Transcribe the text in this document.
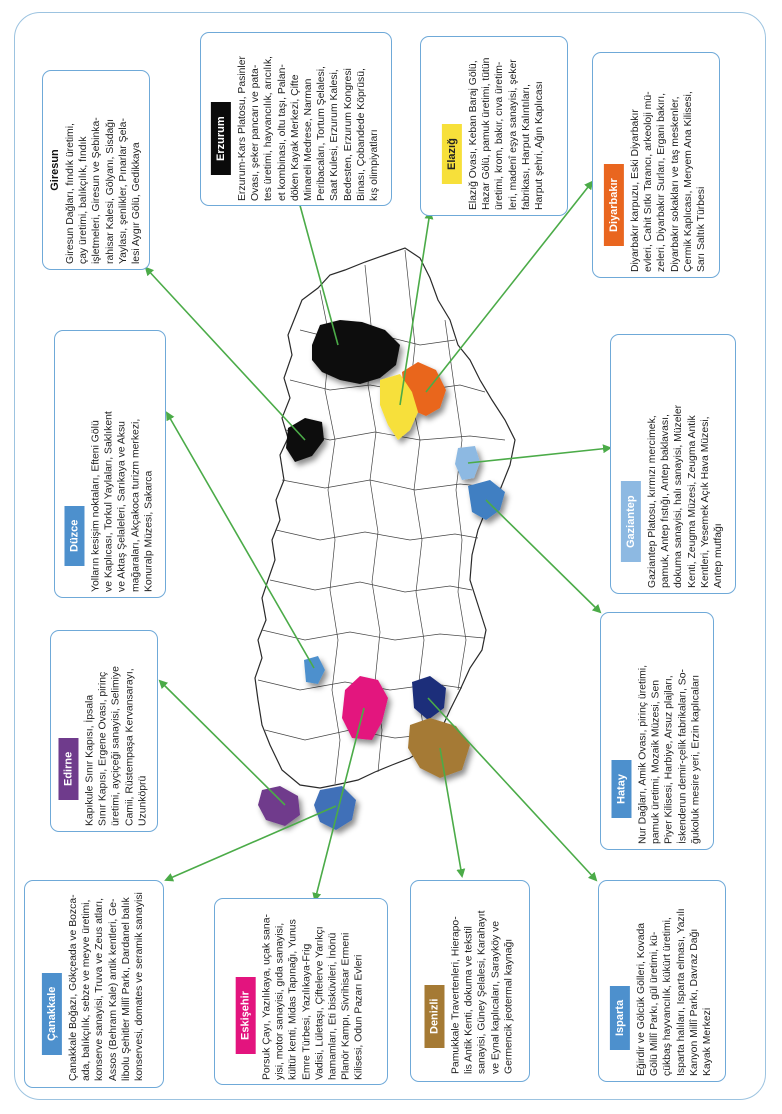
Çanakkale Çanakkale Boğazı, Gökçeada ve Bozca- ada, balıkçılık, sebze ve meyve üretimi, konserve sanayisi, Truva ve Zeus atları, Assos (Behram Kale) antik kentleri, Ge- libolu Şehitler Millî Parkı, Dardanel balık konservesi, domates ve seramik sanayisi	Eskişehir Porsuk Çayı, Yazılıkaya, uçak sana- yisi, motor sanayisi, gıda sanayisi, kültür kenti, Midas Tapınağı, Yunus Emre Türbesi, Yazılıkaya-Frig Vadisi, Lületaşı, Çiftelerve Yarıkçı hamamları, Eti bisküvileri, İnönü Planör Kampı, Sivrihisar Ermeni Kilisesi, Odun Pazarı Evleri	Denizli Pamukkale Travertenleri, Hierapo- lis Antik Kenti, dokuma ve tekstil sanayisi, Güney Şelalesi, Karahayıt ve Eynal kaplıcaları, Sarayköy ve Germencik jeotermal kaynağı	Isparta Eğirdir ve Gölcük Gölleri, Kovada Gölü Millî Parkı, gül üretimi, kü- çükbaş hayvancılık, kükürt üretimi, Isparta halıları, Isparta elması, Yazılı Kanyon Millî Parkı, Davraz Dağı Kayak Merkezi
Edirne Kapıkule Sınır Kapısı, İpsala Sınır Kapısı, Ergene Ovası, pirinç üretimi, ayçiçeği sanayisi, Selimiye Camii, Rüstempaşa Kervansarayı, Uzunköprü	Hatay Nur Dağları, Amik Ovası, pirinç üretimi, pamuk üretimi, Mozaik Müzesi, Sen Piyer Kilisesi, Harbiye, Arsuz plajları, İskenderun demir-çelik fabrikaları, So- ğukoluk mesire yeri, Erzin kaplıcaları
Düzce Yolların kesişim noktaları, Efteni Gölü ve Kaplıcası, Torkul Yaylaları, Saklıkent ve Aktaş Şelaleleri, Sarıkaya ve Aksu mağaraları, Akçakoca turizm merkezi, Konuralp Müzesi, Sakarca	Gaziantep Gaziantep Platosu, kırmızı mercimek, pamuk, Antep fıstığı, Antep baklavası, dokuma sanayisi, halı sanayisi, Müzeler Kenti, Zeugma Müzesi, Zeugma Antik Kentleri, Yesemek Açık Hava Müzesi, Antep mutfağı
Giresun Giresun Dağları, fındık üretimi, çay üretimi, balıkçılık, fındık işletmeleri, Giresun ve Şebinka- rahisar Kalesi, Gölyanı, Sisdağı Yaylası, şenlikler, Pınarlar Şela- lesi Aygır Gölü, Gedikkaya
Erzurum Erzurum-Kars Platosu, Pasinler Ovası, şeker pancarı ve pata- tes üretimi, hayvancılık, arıcılık, et kombinası, oltu taşı, Palan- döken Kayak Merkezi, Çifte Minareli Medrese, Narman Peribacaları, Tortum Şelalesi, Saat Kulesi, Erzurum Kalesi, Bedesten, Erzurum Kongresi Binası, Çobandede Köprüsü, kış olimpiyatları	Elazığ Elazığ Ovası, Keban Baraj Gölü, Hazar Gölü, pamuk üretimi, tütün üretimi, krom, bakır, cıva üretim- leri, madenî eşya sanayisi, şeker fabrikası, Harput Kalıntıları, Harput şehri, Ağın Kaplıcası	Diyarbakır Diyarbakır karpuzu, Eski Diyarbakır evleri, Cahit Sıtkı Tarancı, arkeoloji mü- zeleri, Diyarbakır Surları, Ergani bakırı, Diyarbakır sokakları ve taş meskenler, Çermik Kaplıcası, Meryem Ana Kilisesi, Sarı Saltık Türbesi
